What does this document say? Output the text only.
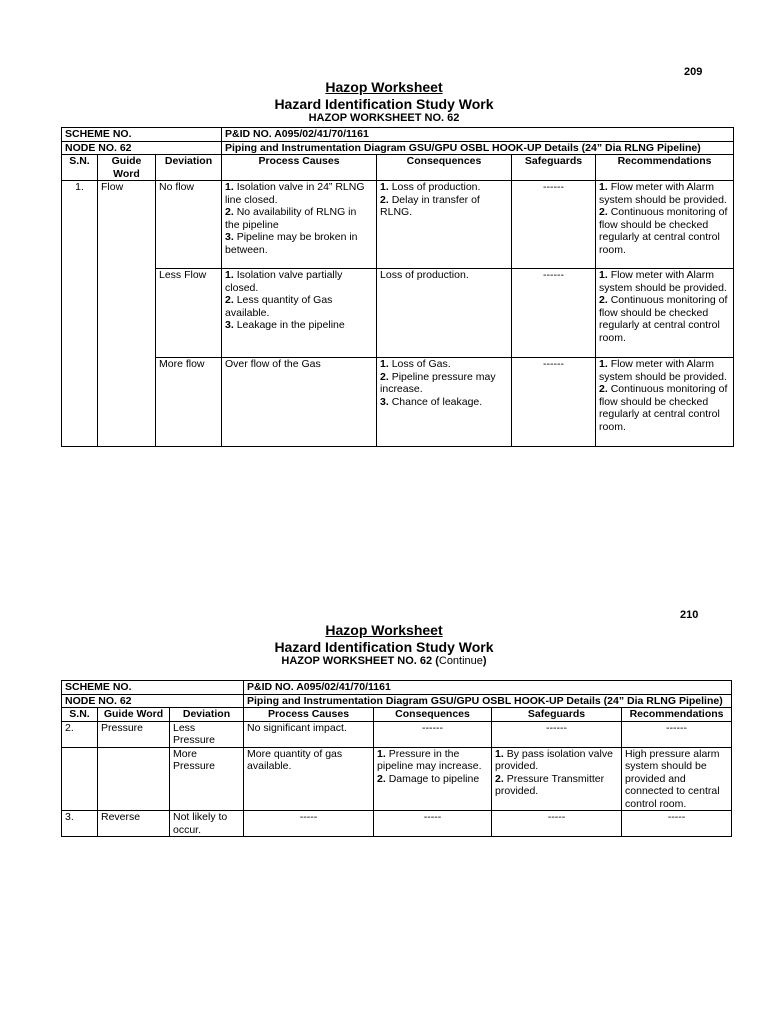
209
Hazop Worksheet
Hazard Identification Study Work
HAZOP WORKSHEET NO. 62
SCHEME NO.			P&ID NO. A095/02/41/70/1161			
NODE NO. 62			Piping and Instrumentation Diagram GSU/GPU OSBL HOOK-UP Details (24” Dia RLNG Pipeline)			
S.N.	Guide Word	Deviation	Process Causes	Consequences	Safeguards	Recommendations
1.	Flow	No flow	1. Isolation valve in 24” RLNG line closed.
2. No availability of RLNG in the pipeline
3. Pipeline may be broken in between.	1. Loss of production.
2. Delay in transfer of RLNG.	------	1. Flow meter with Alarm system should be provided.
2. Continuous monitoring of flow should be checked regularly at central control room.

		Less Flow	1. Isolation valve partially closed.
2. Less quantity of Gas available.
3. Leakage in the pipeline	Loss of production.	------	1. Flow meter with Alarm system should be provided.
2. Continuous monitoring of flow should be checked regularly at central control room.

		More flow	Over flow of the Gas	1. Loss of Gas.
2. Pipeline pressure may increase.
3. Chance of leakage.	------	1. Flow meter with Alarm system should be provided.
2. Continuous monitoring of flow should be checked regularly at central control room.
210
Hazop Worksheet
Hazard Identification Study Work
HAZOP WORKSHEET NO. 62 (Continue)
SCHEME NO.			P&ID NO. A095/02/41/70/1161			
NODE NO. 62			Piping and Instrumentation Diagram GSU/GPU OSBL HOOK-UP Details (24” Dia RLNG Pipeline)			
S.N.	Guide Word	Deviation	Process Causes	Consequences	Safeguards	Recommendations
2.	Pressure	Less Pressure	No significant impact.	------	------	------

		More Pressure	More quantity of gas available.	1. Pressure in the pipeline may increase.
2. Damage to pipeline	1. By pass isolation valve provided.
2. Pressure Transmitter provided.	High pressure alarm system should be provided and connected to central control room.

3.	Reverse	Not likely to occur.	-----	-----	-----	-----
